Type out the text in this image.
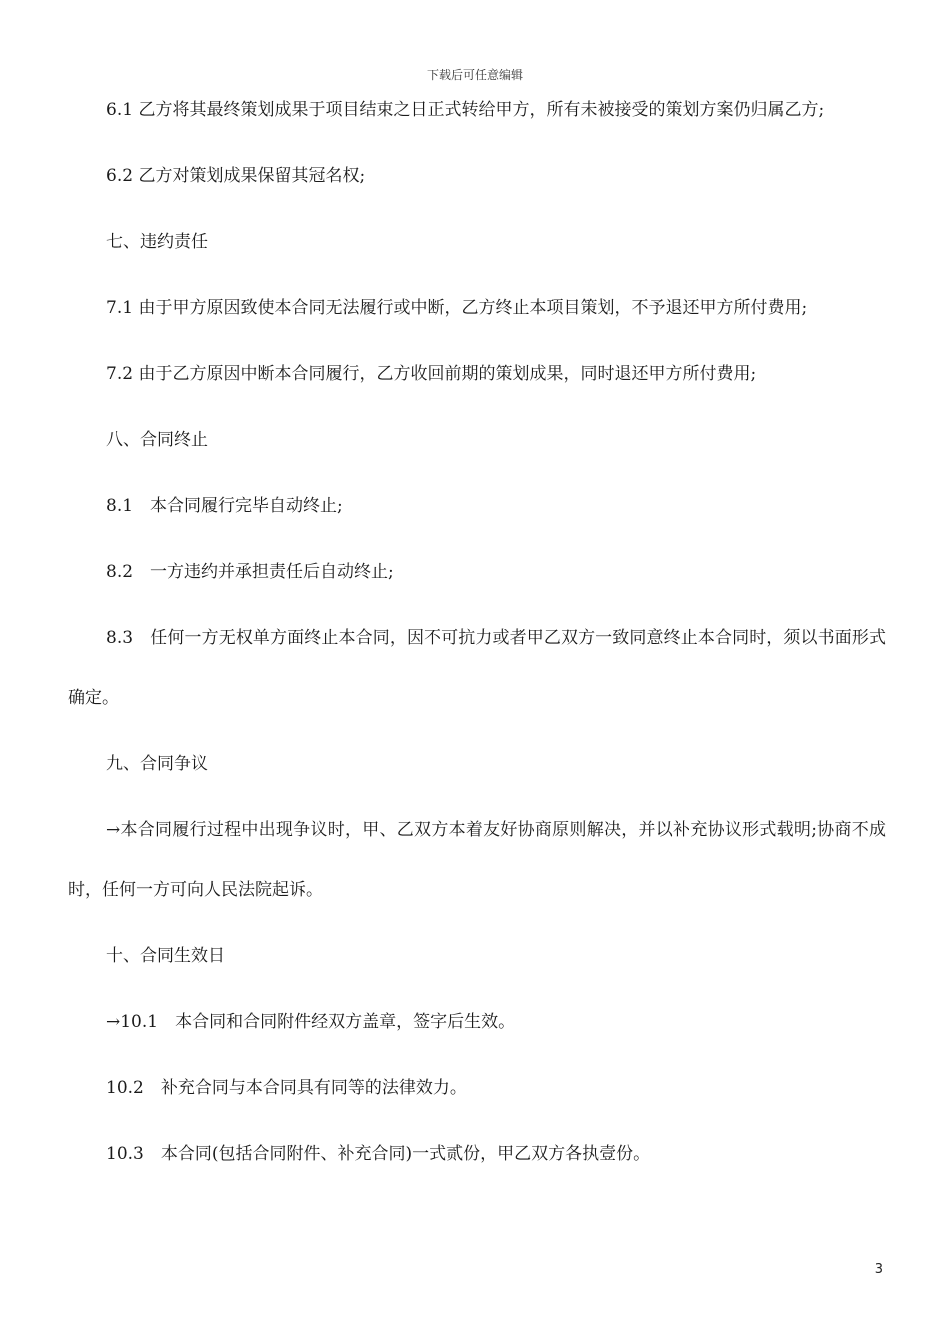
下载后可任意编辑

6.1 乙方将其最终策划成果于项目结束之日正式转给甲方，所有未被接受的策划方案仍归属乙方;

6.2 乙方对策划成果保留其冠名权;

七、违约责任

7.1 由于甲方原因致使本合同无法履行或中断，乙方终止本项目策划，不予退还甲方所付费用;

7.2 由于乙方原因中断本合同履行，乙方收回前期的策划成果，同时退还甲方所付费用;

八、合同终止

8.1　本合同履行完毕自动终止;

8.2　一方违约并承担责任后自动终止;

8.3　任何一方无权单方面终止本合同，因不可抗力或者甲乙双方一致同意终止本合同时，须以书面形式确定。

九、合同争议

→本合同履行过程中出现争议时，甲、乙双方本着友好协商原则解决，并以补充协议形式载明;协商不成时，任何一方可向人民法院起诉。

十、合同生效日

→10.1　本合同和合同附件经双方盖章，签字后生效。

10.2　补充合同与本合同具有同等的法律效力。

10.3　本合同(包括合同附件、补充合同)一式贰份，甲乙双方各执壹份。

3
